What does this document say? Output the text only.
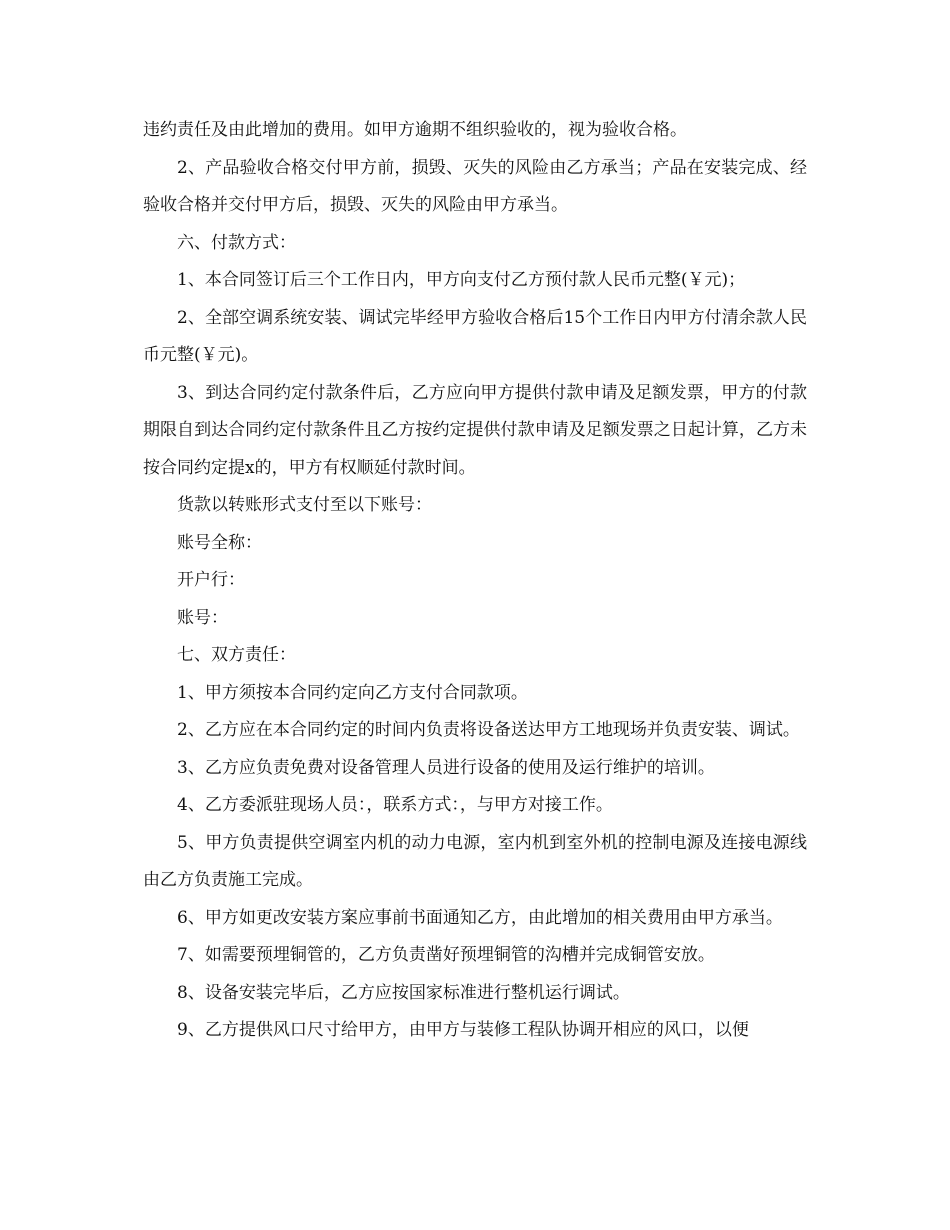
违约责任及由此增加的费用。如甲方逾期不组织验收的，视为验收合格。

2、产品验收合格交付甲方前，损毁、灭失的风险由乙方承当；产品在安装完成、经验收合格并交付甲方后，损毁、灭失的风险由甲方承当。

六、付款方式：

1、本合同签订后三个工作日内，甲方向支付乙方预付款人民币元整(￥元)；

2、全部空调系统安装、调试完毕经甲方验收合格后15个工作日内甲方付清余款人民币元整(￥元)。

3、到达合同约定付款条件后，乙方应向甲方提供付款申请及足额发票，甲方的付款期限自到达合同约定付款条件且乙方按约定提供付款申请及足额发票之日起计算，乙方未按合同约定提x的，甲方有权顺延付款时间。

货款以转账形式支付至以下账号：

账号全称：

开户行：

账号：

七、双方责任：

1、甲方须按本合同约定向乙方支付合同款项。

2、乙方应在本合同约定的时间内负责将设备送达甲方工地现场并负责安装、调试。

3、乙方应负责免费对设备管理人员进行设备的使用及运行维护的培训。

4、乙方委派驻现场人员：，联系方式：，与甲方对接工作。

5、甲方负责提供空调室内机的动力电源，室内机到室外机的控制电源及连接电源线由乙方负责施工完成。

6、甲方如更改安装方案应事前书面通知乙方，由此增加的相关费用由甲方承当。

7、如需要预埋铜管的，乙方负责凿好预埋铜管的沟槽并完成铜管安放。

8、设备安装完毕后，乙方应按国家标准进行整机运行调试。

9、乙方提供风口尺寸给甲方，由甲方与装修工程队协调开相应的风口，以便
